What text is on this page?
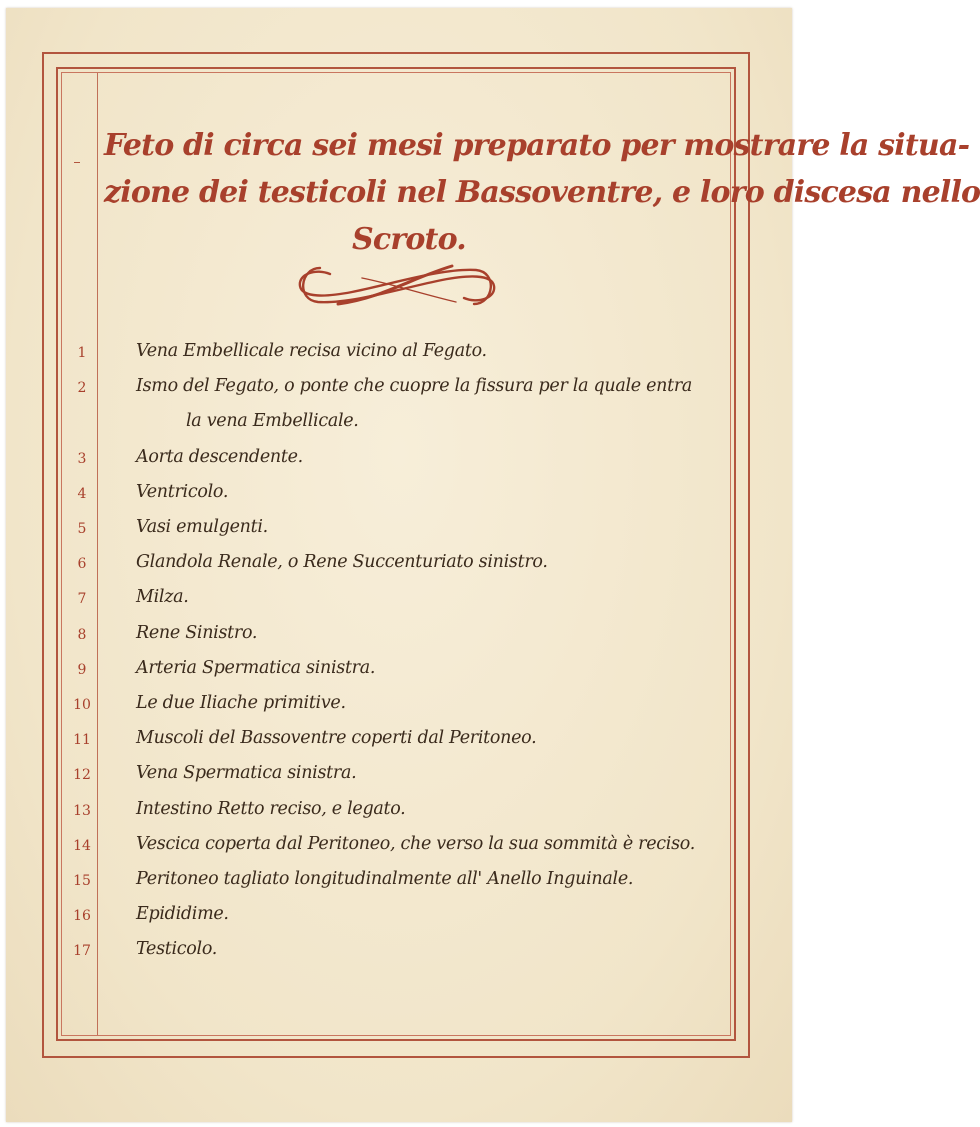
Feto di circa sei mesi preparato per mostrare la situa-
zione dei testicoli nel Bassoventre, e loro discesa nello
Scroto.
1	Vena Embellicale recisa vicino al Fegato.
2	Ismo del Fegato, o ponte che cuopre la fissura per la quale entra
la vena Embellicale.
3	Aorta descendente.
4	Ventricolo.
5	Vasi emulgenti.
6	Glandola Renale, o Rene Succenturiato sinistro.
7	Milza.
8	Rene Sinistro.
9	Arteria Spermatica sinistra.
10	Le due Iliache primitive.
11	Muscoli del Bassoventre coperti dal Peritoneo.
12	Vena Spermatica sinistra.
13	Intestino Retto reciso, e legato.
14	Vescica coperta dal Peritoneo, che verso la sua sommità è reciso.
15	Peritoneo tagliato longitudinalmente all' Anello Inguinale.
16	Epididime.
17	Testicolo.
